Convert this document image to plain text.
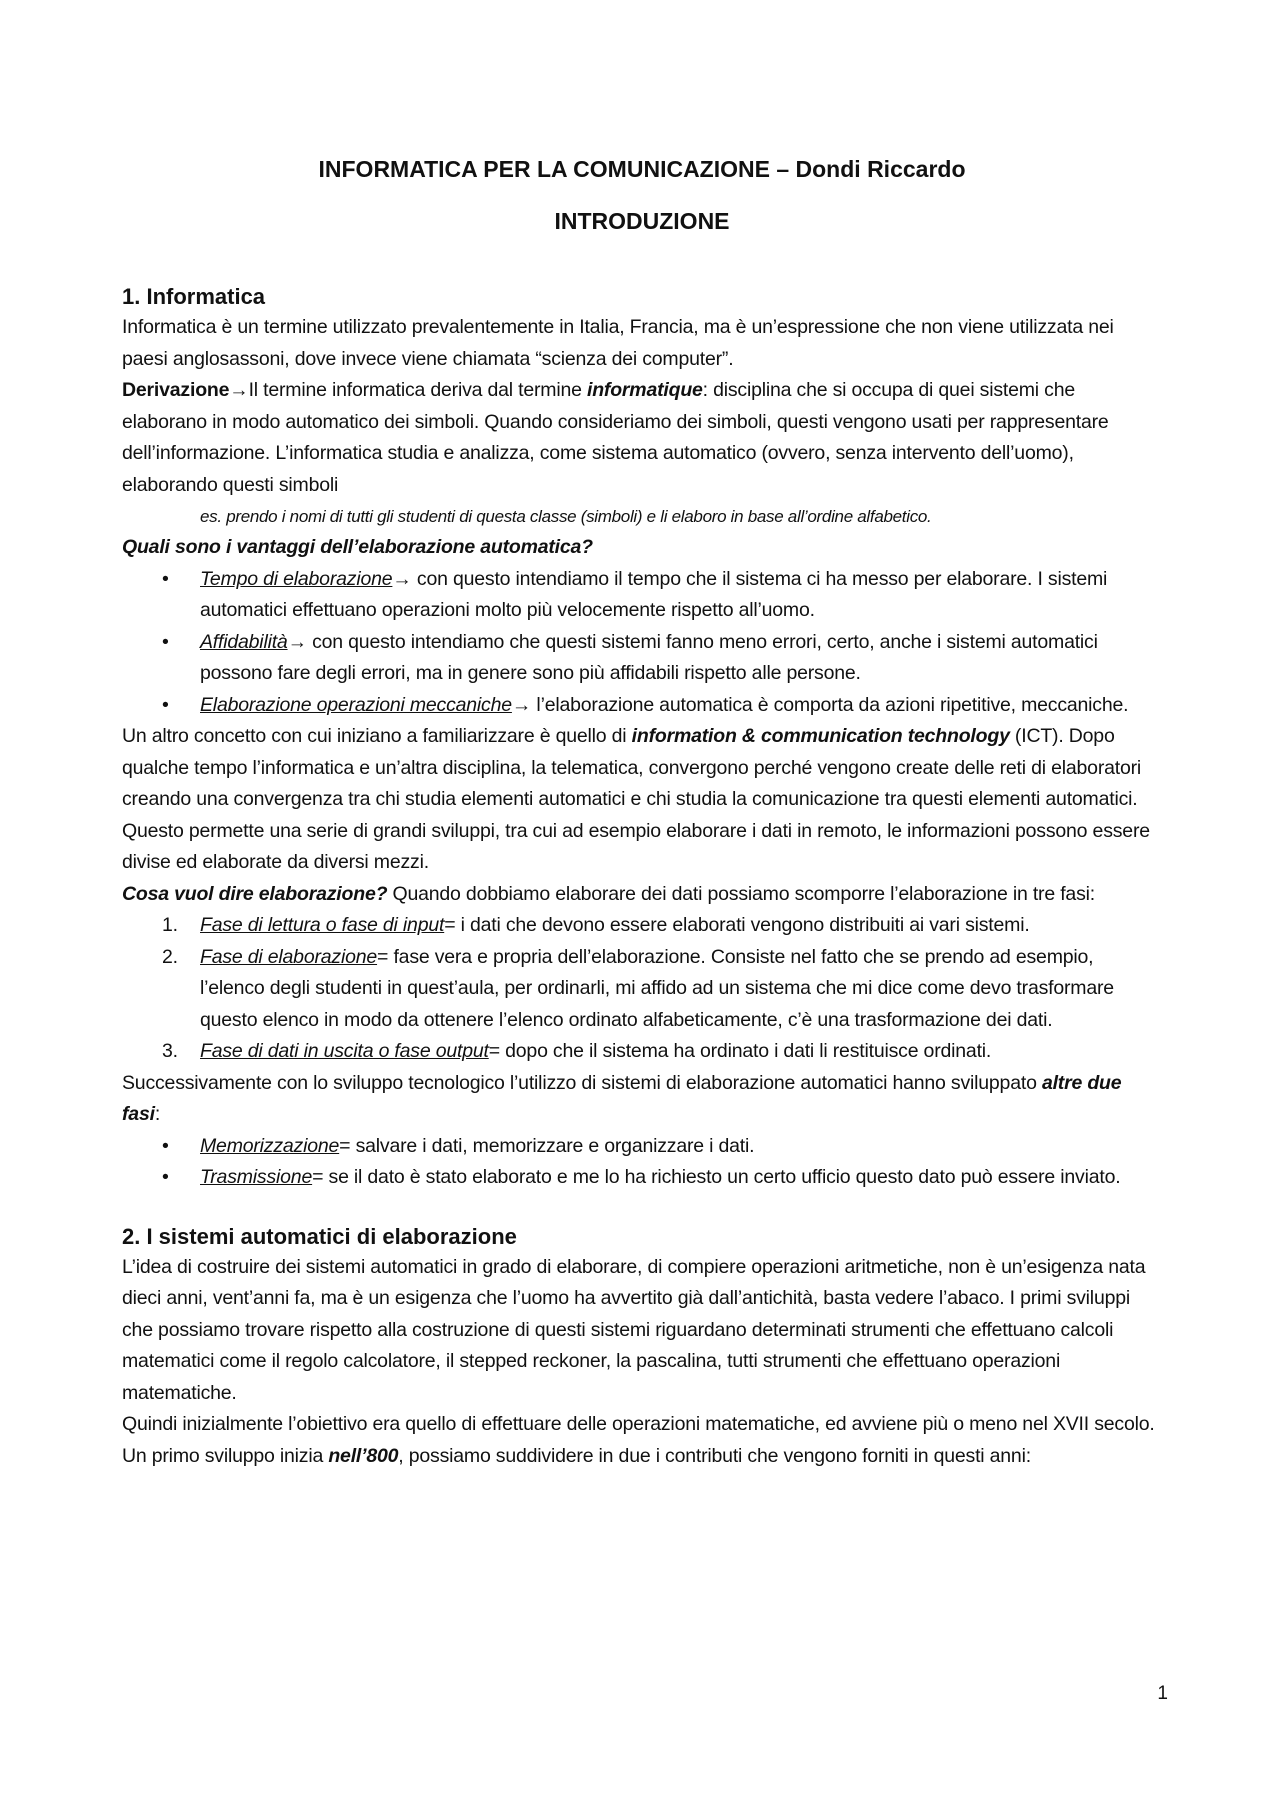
INFORMATICA PER LA COMUNICAZIONE – Dondi Riccardo
INTRODUZIONE
1. Informatica

Informatica è un termine utilizzato prevalentemente in Italia, Francia, ma è un’espressione che non viene utilizzata nei paesi anglosassoni, dove invece viene chiamata “scienza dei computer”.

Derivazione→Il termine informatica deriva dal termine informatique: disciplina che si occupa di quei sistemi che elaborano in modo automatico dei simboli. Quando consideriamo dei simboli, questi vengono usati per rappresentare dell’informazione. L’informatica studia e analizza, come sistema automatico (ovvero, senza intervento dell’uomo), elaborando questi simboli

es. prendo i nomi di tutti gli studenti di questa classe (simboli) e li elaboro in base all’ordine alfabetico.

Quali sono i vantaggi dell’elaborazione automatica?

• Tempo di elaborazione→ con questo intendiamo il tempo che il sistema ci ha messo per elaborare. I sistemi automatici effettuano operazioni molto più velocemente rispetto all’uomo.
• Affidabilità→ con questo intendiamo che questi sistemi fanno meno errori, certo, anche i sistemi automatici possono fare degli errori, ma in genere sono più affidabili rispetto alle persone.
• Elaborazione operazioni meccaniche→ l’elaborazione automatica è comporta da azioni ripetitive, meccaniche.

Un altro concetto con cui iniziano a familiarizzare è quello di information & communication technology (ICT). Dopo qualche tempo l’informatica e un’altra disciplina, la telematica, convergono perché vengono create delle reti di elaboratori creando una convergenza tra chi studia elementi automatici e chi studia la comunicazione tra questi elementi automatici. Questo permette una serie di grandi sviluppi, tra cui ad esempio elaborare i dati in remoto, le informazioni possono essere divise ed elaborate da diversi mezzi.

Cosa vuol dire elaborazione? Quando dobbiamo elaborare dei dati possiamo scomporre l’elaborazione in tre fasi:

1. Fase di lettura o fase di input= i dati che devono essere elaborati vengono distribuiti ai vari sistemi.
2. Fase di elaborazione= fase vera e propria dell’elaborazione. Consiste nel fatto che se prendo ad esempio, l’elenco degli studenti in quest’aula, per ordinarli, mi affido ad un sistema che mi dice come devo trasformare questo elenco in modo da ottenere l’elenco ordinato alfabeticamente, c’è una trasformazione dei dati.
3. Fase di dati in uscita o fase output= dopo che il sistema ha ordinato i dati li restituisce ordinati.

Successivamente con lo sviluppo tecnologico l’utilizzo di sistemi di elaborazione automatici hanno sviluppato altre due fasi:

• Memorizzazione= salvare i dati, memorizzare e organizzare i dati.
• Trasmissione= se il dato è stato elaborato e me lo ha richiesto un certo ufficio questo dato può essere inviato.
2. I sistemi automatici di elaborazione

L’idea di costruire dei sistemi automatici in grado di elaborare, di compiere operazioni aritmetiche, non è un’esigenza nata dieci anni, vent’anni fa, ma è un esigenza che l’uomo ha avvertito già dall’antichità, basta vedere l’abaco. I primi sviluppi che possiamo trovare rispetto alla costruzione di questi sistemi riguardano determinati strumenti che effettuano calcoli matematici come il regolo calcolatore, il stepped reckoner, la pascalina, tutti strumenti che effettuano operazioni matematiche.

Quindi inizialmente l’obiettivo era quello di effettuare delle operazioni matematiche, ed avviene più o meno nel XVII secolo.

Un primo sviluppo inizia nell’800, possiamo suddividere in due i contributi che vengono forniti in questi anni:

1
